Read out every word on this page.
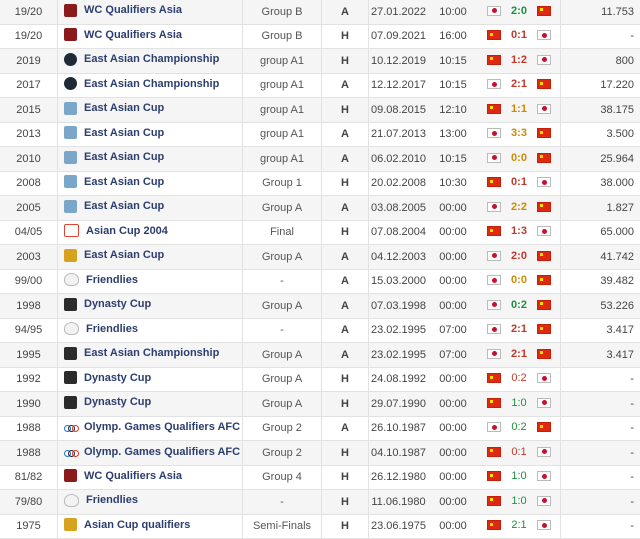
19/20	WC Qualifiers Asia	Group B	A	27.01.2022	10:00	2:0	11.753
19/20	WC Qualifiers Asia	Group B	H	07.09.2021	16:00	0:1	-
2019	East Asian Championship	group A1	H	10.12.2019	10:15	1:2	800
2017	East Asian Championship	group A1	A	12.12.2017	10:15	2:1	17.220
2015	East Asian Cup	group A1	H	09.08.2015	12:10	1:1	38.175
2013	East Asian Cup	group A1	A	21.07.2013	13:00	3:3	3.500
2010	East Asian Cup	group A1	A	06.02.2010	10:15	0:0	25.964
2008	East Asian Cup	Group 1	H	20.02.2008	10:30	0:1	38.000
2005	East Asian Cup	Group A	A	03.08.2005	00:00	2:2	1.827
04/05	Asian Cup 2004	Final	H	07.08.2004	00:00	1:3	65.000
2003	East Asian Cup	Group A	A	04.12.2003	00:00	2:0	41.742
99/00	Friendlies	-	A	15.03.2000	00:00	0:0	39.482
1998	Dynasty Cup	Group A	A	07.03.1998	00:00	0:2	53.226
94/95	Friendlies	-	A	23.02.1995	07:00	2:1	3.417
1995	East Asian Championship	Group A	A	23.02.1995	07:00	2:1	3.417
1992	Dynasty Cup	Group A	H	24.08.1992	00:00	0:2	-
1990	Dynasty Cup	Group A	H	29.07.1990	00:00	1:0	-
1988	Olymp. Games Qualifiers AFC	Group 2	A	26.10.1987	00:00	0:2	-
1988	Olymp. Games Qualifiers AFC	Group 2	H	04.10.1987	00:00	0:1	-
81/82	WC Qualifiers Asia	Group 4	H	26.12.1980	00:00	1:0	-
79/80	Friendlies	-	H	11.06.1980	00:00	1:0	-
1975	Asian Cup qualifiers	Semi-Finals	H	23.06.1975	00:00	2:1	-
